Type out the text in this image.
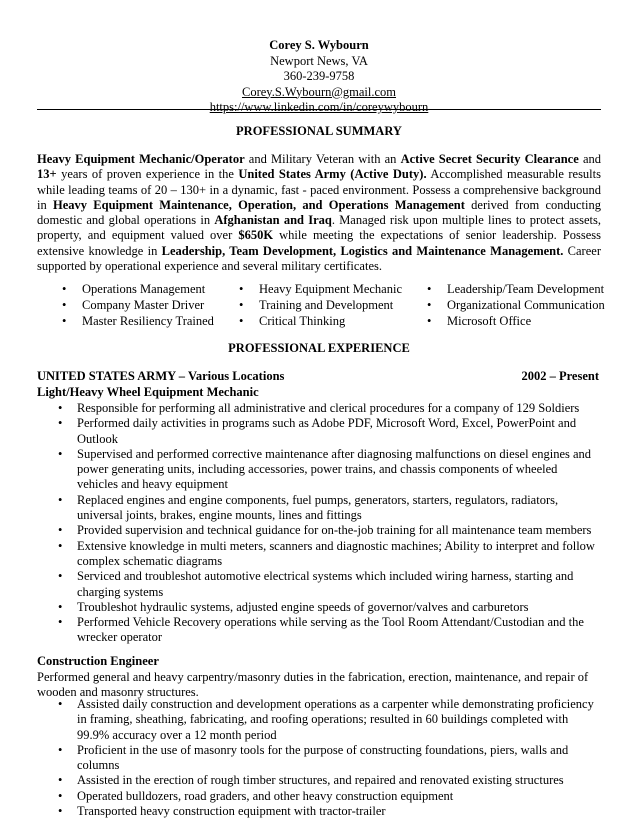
Corey S. Wybourn
Newport News, VA
360-239-9758
Corey.S.Wybourn@gmail.com
https://www.linkedin.com/in/coreywybourn
PROFESSIONAL SUMMARY
Heavy Equipment Mechanic/Operator and Military Veteran with an Active Secret Security Clearance and 13+ years of proven experience in the United States Army (Active Duty). Accomplished measurable results while leading teams of 20 – 130+ in a dynamic, fast - paced environment. Possess a comprehensive background in Heavy Equipment Maintenance, Operation, and Operations Management derived from conducting domestic and global operations in Afghanistan and Iraq. Managed risk upon multiple lines to protect assets, property, and equipment valued over $650K while meeting the expectations of senior leadership. Possess extensive knowledge in Leadership, Team Development, Logistics and Maintenance Management. Career supported by operational experience and several military certificates.
• Operations Management
• Company Master Driver
• Master Resiliency Trained
• Heavy Equipment Mechanic
• Training and Development
• Critical Thinking
• Leadership/Team Development
• Organizational Communication
• Microsoft Office
PROFESSIONAL EXPERIENCE
UNITED STATES ARMY – Various Locations	2002 – Present
Light/Heavy Wheel Equipment Mechanic
• Responsible for performing all administrative and clerical procedures for a company of 129 Soldiers
• Performed daily activities in programs such as Adobe PDF, Microsoft Word, Excel, PowerPoint and Outlook
• Supervised and performed corrective maintenance after diagnosing malfunctions on diesel engines and power generating units, including accessories, power trains, and chassis components of wheeled vehicles and heavy equipment
• Replaced engines and engine components, fuel pumps, generators, starters, regulators, radiators, universal joints, brakes, engine mounts, lines and fittings
• Provided supervision and technical guidance for on-the-job training for all maintenance team members
• Extensive knowledge in multi meters, scanners and diagnostic machines; Ability to interpret and follow complex schematic diagrams
• Serviced and troubleshot automotive electrical systems which included wiring harness, starting and charging systems
• Troubleshot hydraulic systems, adjusted engine speeds of governor/valves and carburetors
• Performed Vehicle Recovery operations while serving as the Tool Room Attendant/Custodian and the wrecker operator
Construction Engineer
Performed general and heavy carpentry/masonry duties in the fabrication, erection, maintenance, and repair of wooden and masonry structures.
• Assisted daily construction and development operations as a carpenter while demonstrating proficiency in framing, sheathing, fabricating, and roofing operations; resulted in 60 buildings completed with 99.9% accuracy over a 12 month period
• Proficient in the use of masonry tools for the purpose of constructing foundations, piers, walls and columns
• Assisted in the erection of rough timber structures, and repaired and renovated existing structures
• Operated bulldozers, road graders, and other heavy construction equipment
• Transported heavy construction equipment with tractor-trailer
